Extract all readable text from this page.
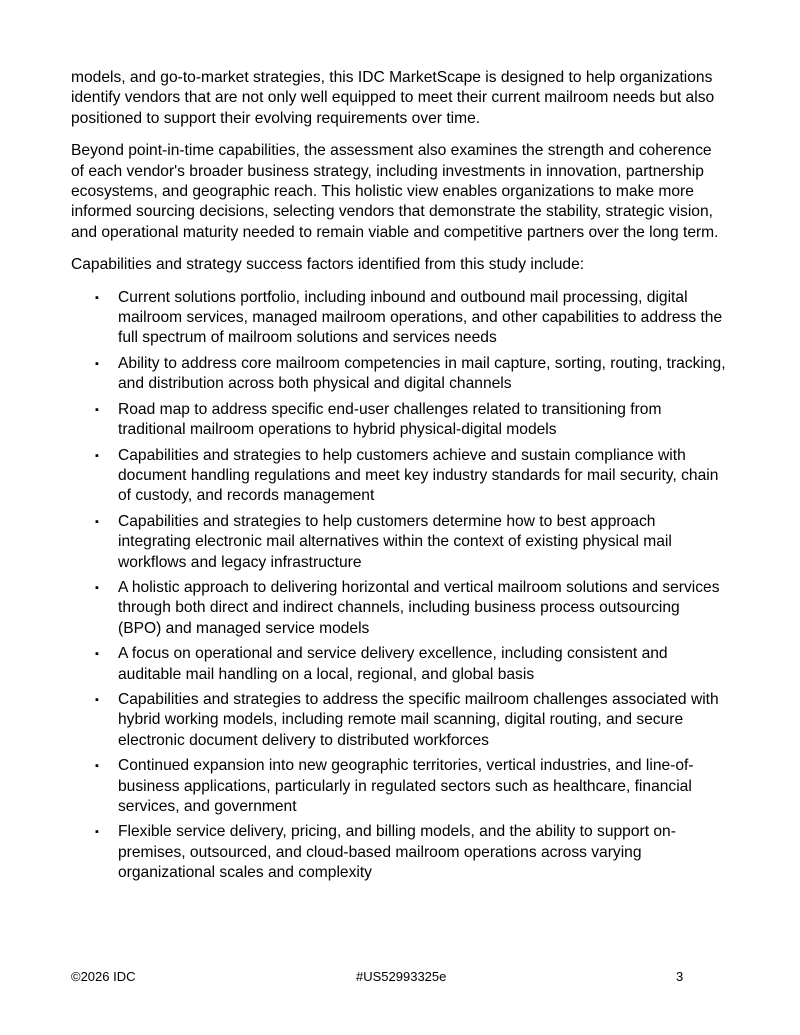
models, and go-to-market strategies, this IDC MarketScape is designed to help organizations identify vendors that are not only well equipped to meet their current mailroom needs but also positioned to support their evolving requirements over time.

Beyond point-in-time capabilities, the assessment also examines the strength and coherence of each vendor's broader business strategy, including investments in innovation, partnership ecosystems, and geographic reach. This holistic view enables organizations to make more informed sourcing decisions, selecting vendors that demonstrate the stability, strategic vision, and operational maturity needed to remain viable and competitive partners over the long term.

Capabilities and strategy success factors identified from this study include:

▪	Current solutions portfolio, including inbound and outbound mail processing, digital mailroom services, managed mailroom operations, and other capabilities to address the full spectrum of mailroom solutions and services needs
▪	Ability to address core mailroom competencies in mail capture, sorting, routing, tracking, and distribution across both physical and digital channels
▪	Road map to address specific end-user challenges related to transitioning from traditional mailroom operations to hybrid physical-digital models
▪	Capabilities and strategies to help customers achieve and sustain compliance with document handling regulations and meet key industry standards for mail security, chain of custody, and records management
▪	Capabilities and strategies to help customers determine how to best approach integrating electronic mail alternatives within the context of existing physical mail workflows and legacy infrastructure
▪	A holistic approach to delivering horizontal and vertical mailroom solutions and services through both direct and indirect channels, including business process outsourcing (BPO) and managed service models
▪	A focus on operational and service delivery excellence, including consistent and auditable mail handling on a local, regional, and global basis
▪	Capabilities and strategies to address the specific mailroom challenges associated with hybrid working models, including remote mail scanning, digital routing, and secure electronic document delivery to distributed workforces
▪	Continued expansion into new geographic territories, vertical industries, and line-of-business applications, particularly in regulated sectors such as healthcare, financial services, and government
▪	Flexible service delivery, pricing, and billing models, and the ability to support on-premises, outsourced, and cloud-based mailroom operations across varying organizational scales and complexity
©2026 IDC	#US52993325e	3
